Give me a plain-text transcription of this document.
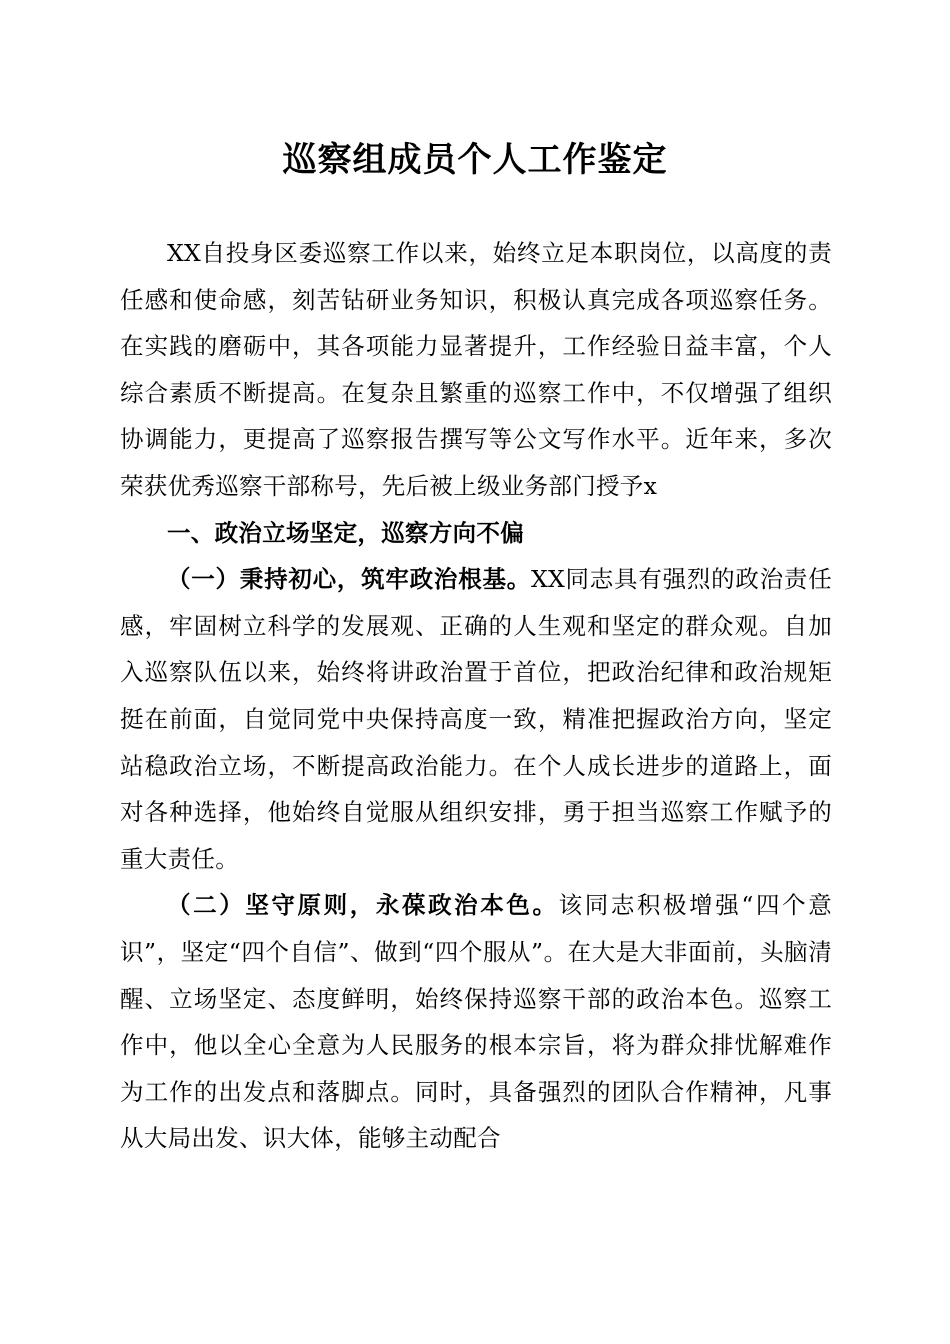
巡察组成员个人工作鉴定

XX自投身区委巡察工作以来，始终立足本职岗位，以高度的责任感和使命感，刻苦钻研业务知识，积极认真完成各项巡察任务。在实践的磨砺中，其各项能力显著提升，工作经验日益丰富，个人综合素质不断提高。在复杂且繁重的巡察工作中，不仅增强了组织协调能力，更提高了巡察报告撰写等公文写作水平。近年来，多次荣获优秀巡察干部称号，先后被上级业务部门授予x

一、政治立场坚定，巡察方向不偏

（一）秉持初心，筑牢政治根基。XX同志具有强烈的政治责任感，牢固树立科学的发展观、正确的人生观和坚定的群众观。自加入巡察队伍以来，始终将讲政治置于首位，把政治纪律和政治规矩挺在前面，自觉同党中央保持高度一致，精准把握政治方向，坚定站稳政治立场，不断提高政治能力。在个人成长进步的道路上，面对各种选择，他始终自觉服从组织安排，勇于担当巡察工作赋予的重大责任。

（二）坚守原则，永葆政治本色。该同志积极增强“四个意识”，坚定“四个自信”、做到“四个服从”。在大是大非面前，头脑清醒、立场坚定、态度鲜明，始终保持巡察干部的政治本色。巡察工作中，他以全心全意为人民服务的根本宗旨，将为群众排忧解难作为工作的出发点和落脚点。同时，具备强烈的团队合作精神，凡事从大局出发、识大体，能够主动配合
